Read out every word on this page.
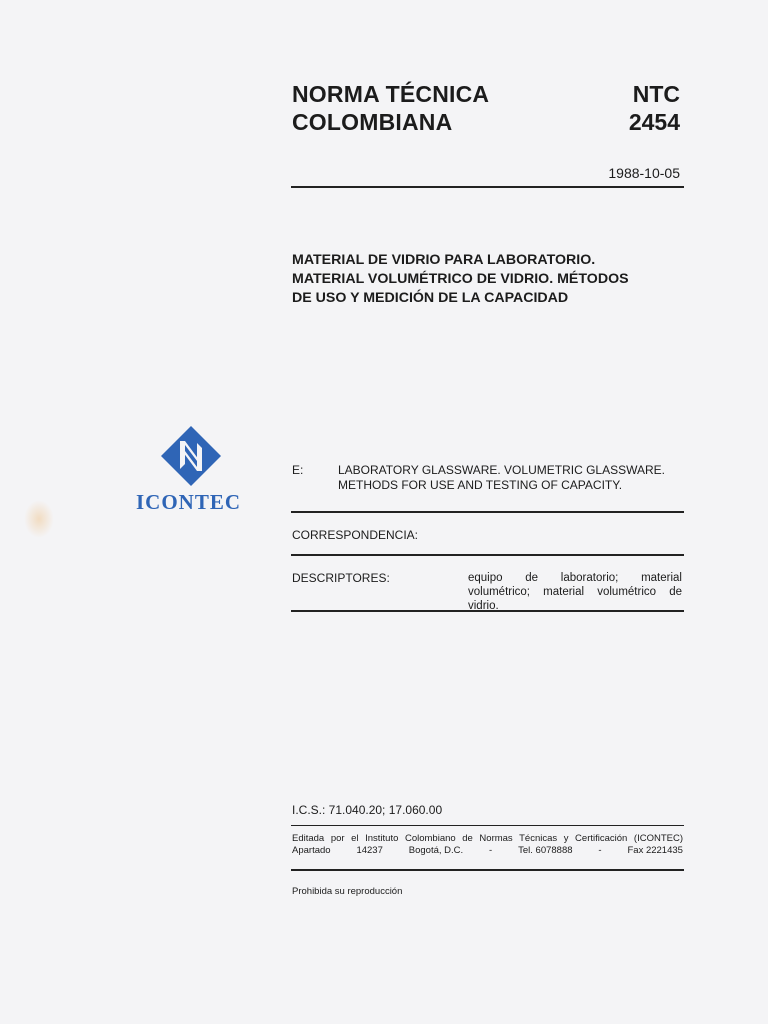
NORMA TÉCNICA
COLOMBIANA
NTC
2454
1988-10-05
MATERIAL DE VIDRIO PARA LABORATORIO.
MATERIAL VOLUMÉTRICO DE VIDRIO. MÉTODOS
DE USO Y MEDICIÓN DE LA CAPACIDAD
ICONTEC
E:	LABORATORY GLASSWARE. VOLUMETRIC GLASSWARE.
METHODS FOR USE AND TESTING OF CAPACITY.
CORRESPONDENCIA:
DESCRIPTORES:	equipo de laboratorio; material volumétrico; material volumétrico de vidrio.
I.C.S.: 71.040.20; 17.060.00
Editada por el Instituto Colombiano de Normas Técnicas y Certificación (ICONTEC)
Apartado	14237	Bogotá, D.C.	-	Tel. 6078888	-	Fax 2221435
Prohibida su reproducción
